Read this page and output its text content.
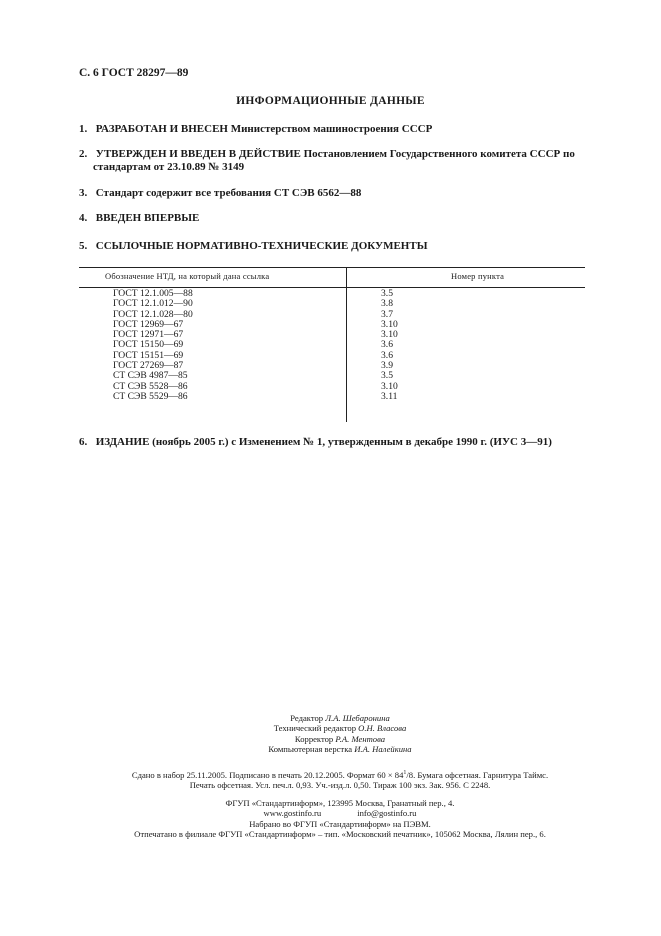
С. 6 ГОСТ 28297—89
ИНФОРМАЦИОННЫЕ ДАННЫЕ
1. РАЗРАБОТАН И ВНЕСЕН Министерством машиностроения СССР
2. УТВЕРЖДЕН И ВВЕДЕН В ДЕЙСТВИЕ Постановлением Государственного комитета СССР по
стандартам от 23.10.89 № 3149
3. Стандарт содержит все требования СТ СЭВ 6562—88
4. ВВЕДЕН ВПЕРВЫЕ
5. ССЫЛОЧНЫЕ НОРМАТИВНО-ТЕХНИЧЕСКИЕ ДОКУМЕНТЫ
Обозначение НТД, на который дана ссылка	Номер пункта
ГОСТ 12.1.005—88	3.5
ГОСТ 12.1.012—90	3.8
ГОСТ 12.1.028—80	3.7
ГОСТ 12969—67	3.10
ГОСТ 12971—67	3.10
ГОСТ 15150—69	3.6
ГОСТ 15151—69	3.6
ГОСТ 27269—87	3.9
СТ СЭВ 4987—85	3.5
СТ СЭВ 5528—86	3.10
СТ СЭВ 5529—86	3.11
6. ИЗДАНИЕ (ноябрь 2005 г.) с Изменением № 1, утвержденным в декабре 1990 г. (ИУС 3—91)
Редактор Л.А. Шебаронина
Технический редактор О.Н. Власова
Корректор Р.А. Ментова
Компьютерная верстка И.А. Налейкина
Сдано в набор 25.11.2005. Подписано в печать 20.12.2005. Формат $60 \times 84^1/8$. Бумага офсетная. Гарнитура Таймс.
Печать офсетная. Усл. печ.л. 0,93. Уч.-изд.л. 0,50. Тираж 100 экз. Зак. 956. С 2248.
ФГУП «Стандартинформ», 123995 Москва, Гранатный пер., 4.
www.gostinfo.ru	info@gostinfo.ru
Набрано во ФГУП «Стандартинформ» на ПЭВМ.
Отпечатано в филиале ФГУП «Стандартинформ» – тип. «Московский печатник», 105062 Москва, Лялин пер., 6.
